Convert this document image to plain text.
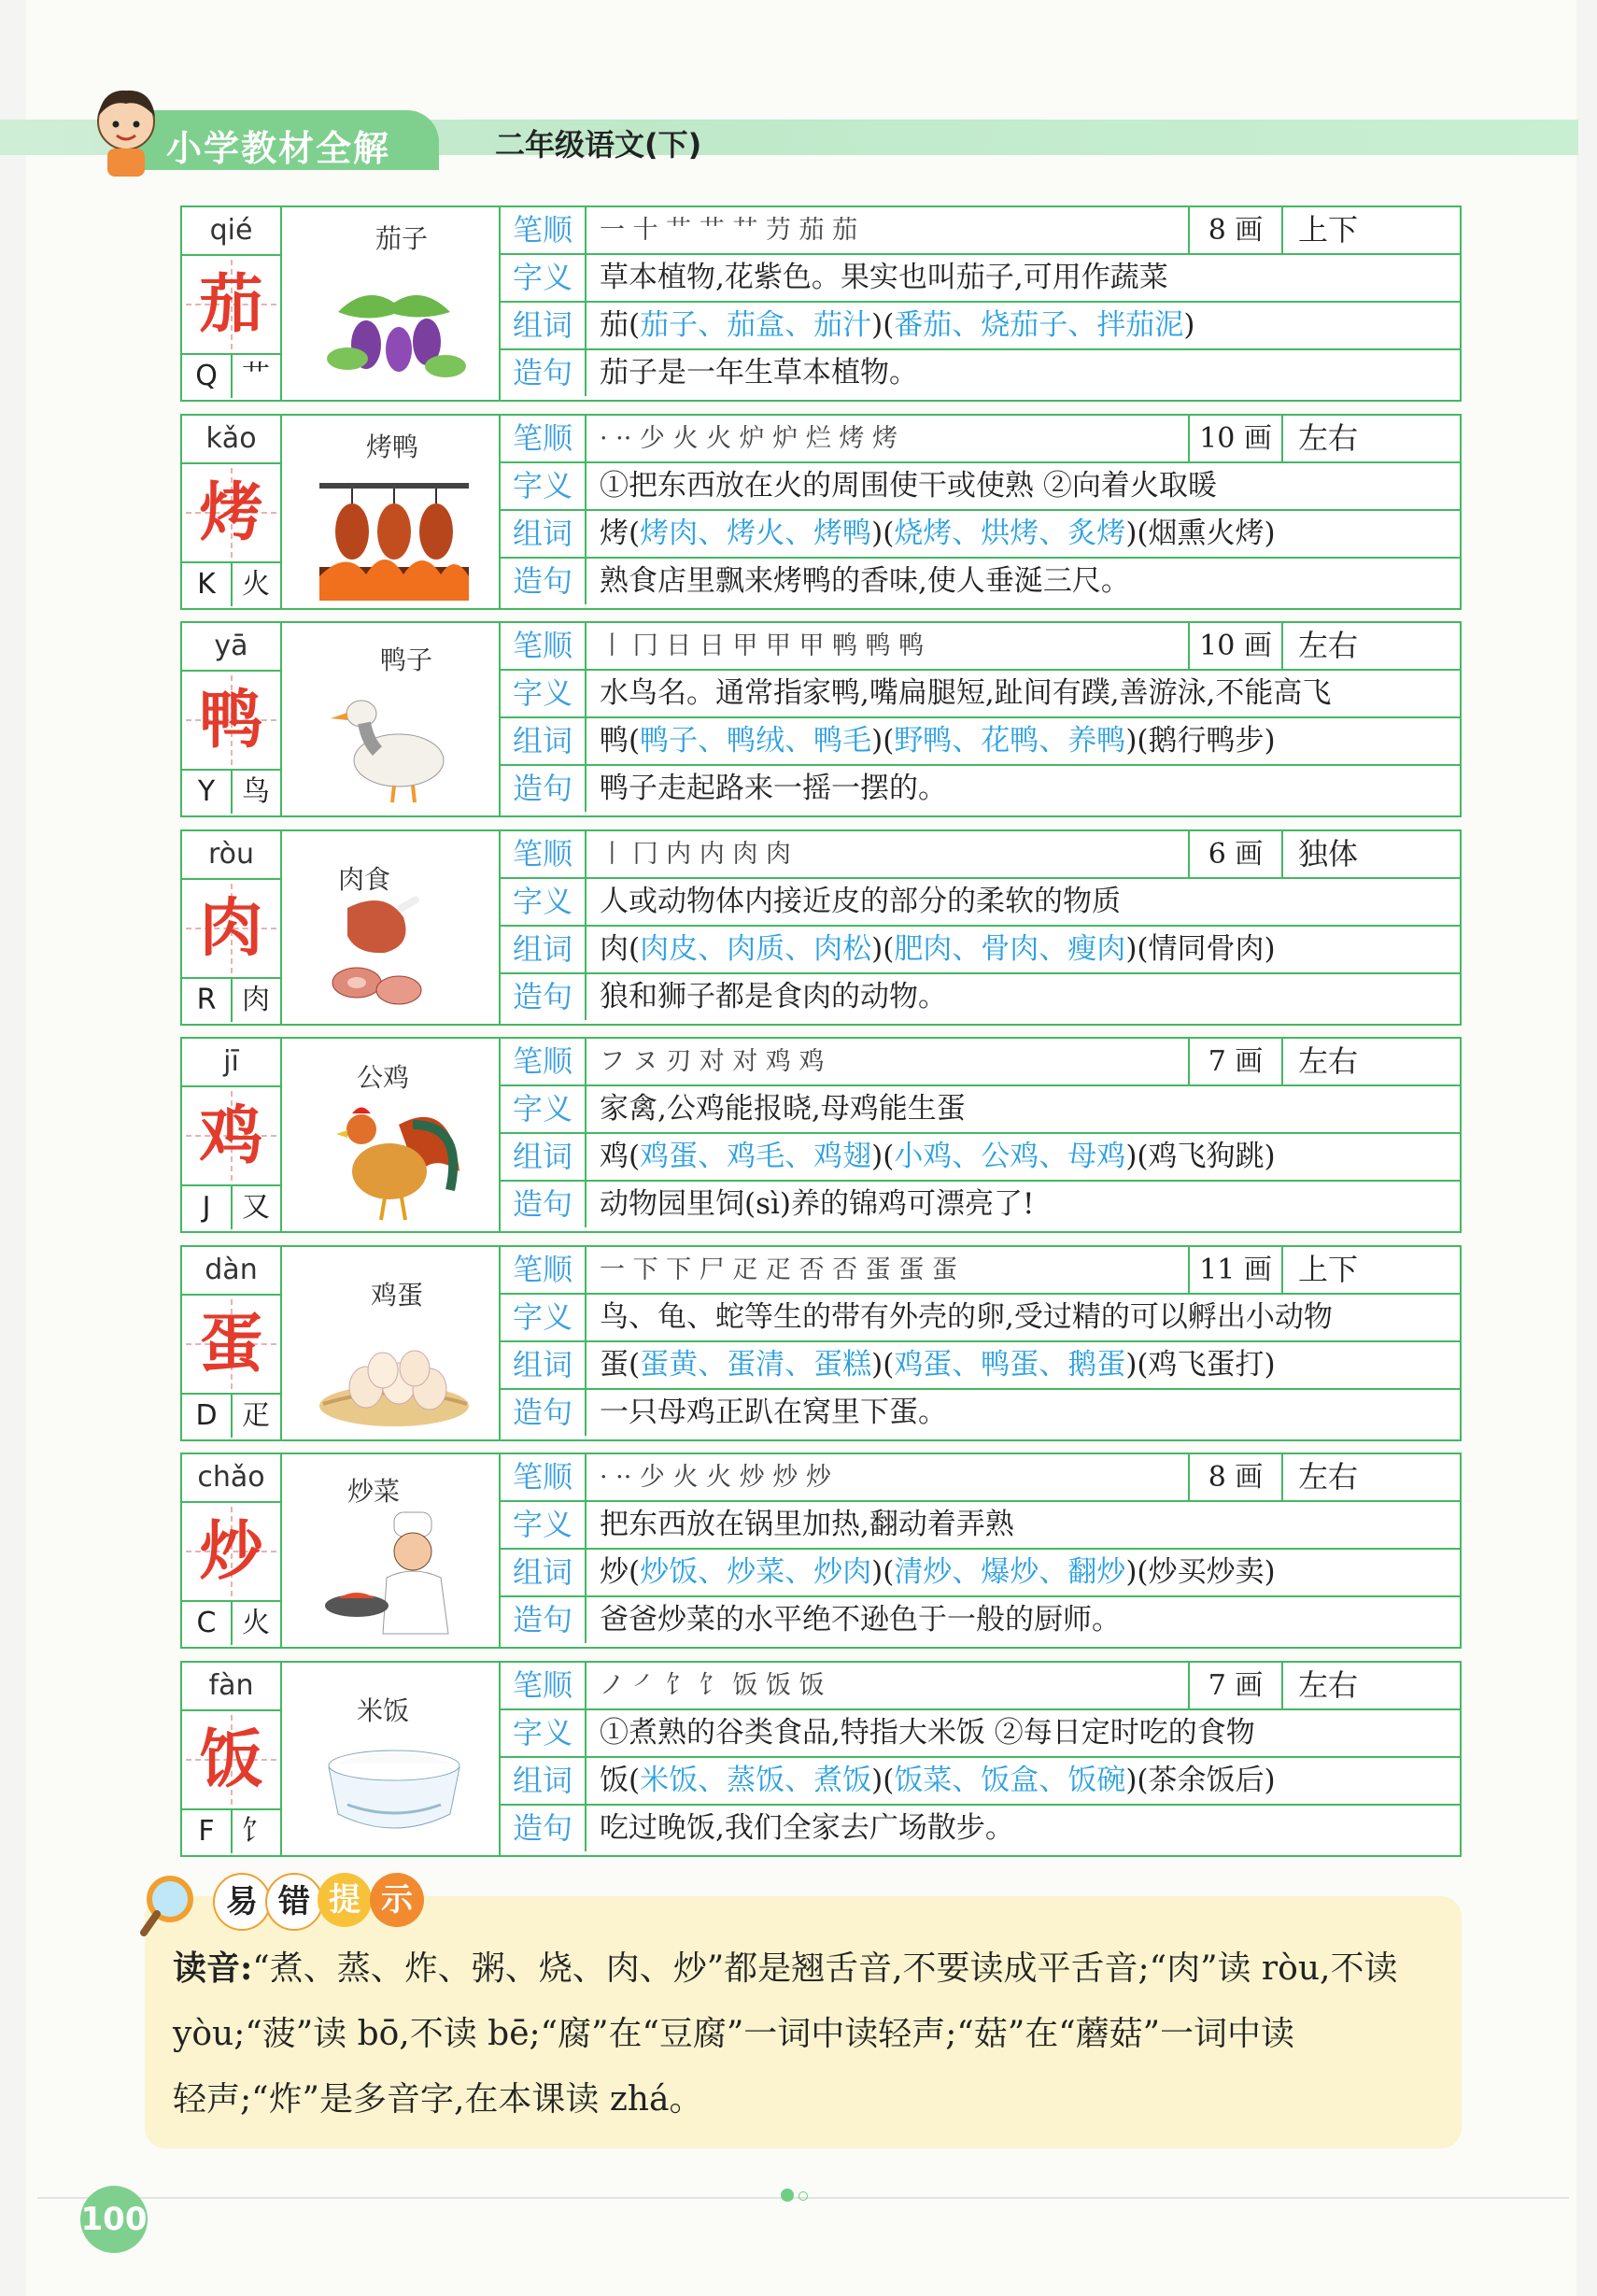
小学教材全解	二年级语文(下)
qié
茄
Q 艹
茄子	笔顺	一 十 艹 艹 ⺿ 芀 茄 茄	8 画	上下
字义 草本植物,花紫色。果实也叫茄子,可用作蔬菜
组词 茄(茄子、茄盒、茄汁)(番茄、烧茄子、拌茄泥)
造句 茄子是一年生草本植物。
kǎo
烤
K 火
烤鸭	笔顺	· ·· 少 火 火 炉 炉 烂 烤 烤	10 画 左右
字义 ①把东西放在火的周围使干或使熟 ②向着火取暖
组词 烤(烤肉、烤火、烤鸭)(烧烤、烘烤、炙烤)(烟熏火烤)
造句 熟食店里飘来烤鸭的香味,使人垂涎三尺。
yā
鸭
Y 鸟
鸭子	笔顺	丨 冂 日 日 甲 甲 甲 鸭 鸭 鸭	10 画 左右
字义 水鸟名。通常指家鸭,嘴扁腿短,趾间有蹼,善游泳,不能高飞
组词 鸭(鸭子、鸭绒、鸭毛)(野鸭、花鸭、养鸭)(鹅行鸭步)
造句 鸭子走起路来一摇一摆的。
ròu
肉
R 肉
肉食
笔顺	丨 冂 内 内 肉 肉	6 画	独体
字义 人或动物体内接近皮的部分的柔软的物质
组词 肉(肉皮、肉质、肉松)(肥肉、骨肉、瘦肉)(情同骨肉)
造句 狼和狮子都是食肉的动物。
jī
鸡
J	又
公鸡	笔顺	フ ヌ 刃 对 对 鸡 鸡	7 画	左右
字义 家禽,公鸡能报晓,母鸡能生蛋
组词 鸡(鸡蛋、鸡毛、鸡翅)(小鸡、公鸡、母鸡)(鸡飞狗跳)
造句 动物园里饲(sì)养的锦鸡可漂亮了!
dàn
蛋
D 疋
鸡蛋
笔顺	一 下 下 尸 疋 疋 否 否 蛋 蛋 蛋	11 画 上下
字义 鸟、龟、蛇等生的带有外壳的卵,受过精的可以孵出小动物
组词 蛋(蛋黄、蛋清、蛋糕)(鸡蛋、鸭蛋、鹅蛋)(鸡飞蛋打)
造句 一只母鸡正趴在窝里下蛋。
chǎo
炒
C 火
炒菜	笔顺	· ·· 少 火 火 炒 炒 炒	8 画	左右
字义 把东西放在锅里加热,翻动着弄熟
组词 炒(炒饭、炒菜、炒肉)(清炒、爆炒、翻炒)(炒买炒卖)
造句 爸爸炒菜的水平绝不逊色于一般的厨师。
fàn
饭
F 饣
米饭
笔顺	ノ ㇒ 饣 饣 饭 饭 饭	7 画	左右
字义 ①煮熟的谷类食品,特指大米饭 ②每日定时吃的食物
组词 饭(米饭、蒸饭、煮饭)(饭菜、饭盒、饭碗)(茶余饭后)
造句 吃过晚饭,我们全家去广场散步。
读音:“煮、蒸、炸、粥、烧、肉、炒”都是翘舌音,不要读成平舌音;“肉”读 ròu,不读
yòu;“菠”读 bō,不读 bē;“腐”在“豆腐”一词中读轻声;“菇”在“蘑菇”一词中读
轻声;“炸”是多音字,在本课读 zhá。
易 错 提 示
100
